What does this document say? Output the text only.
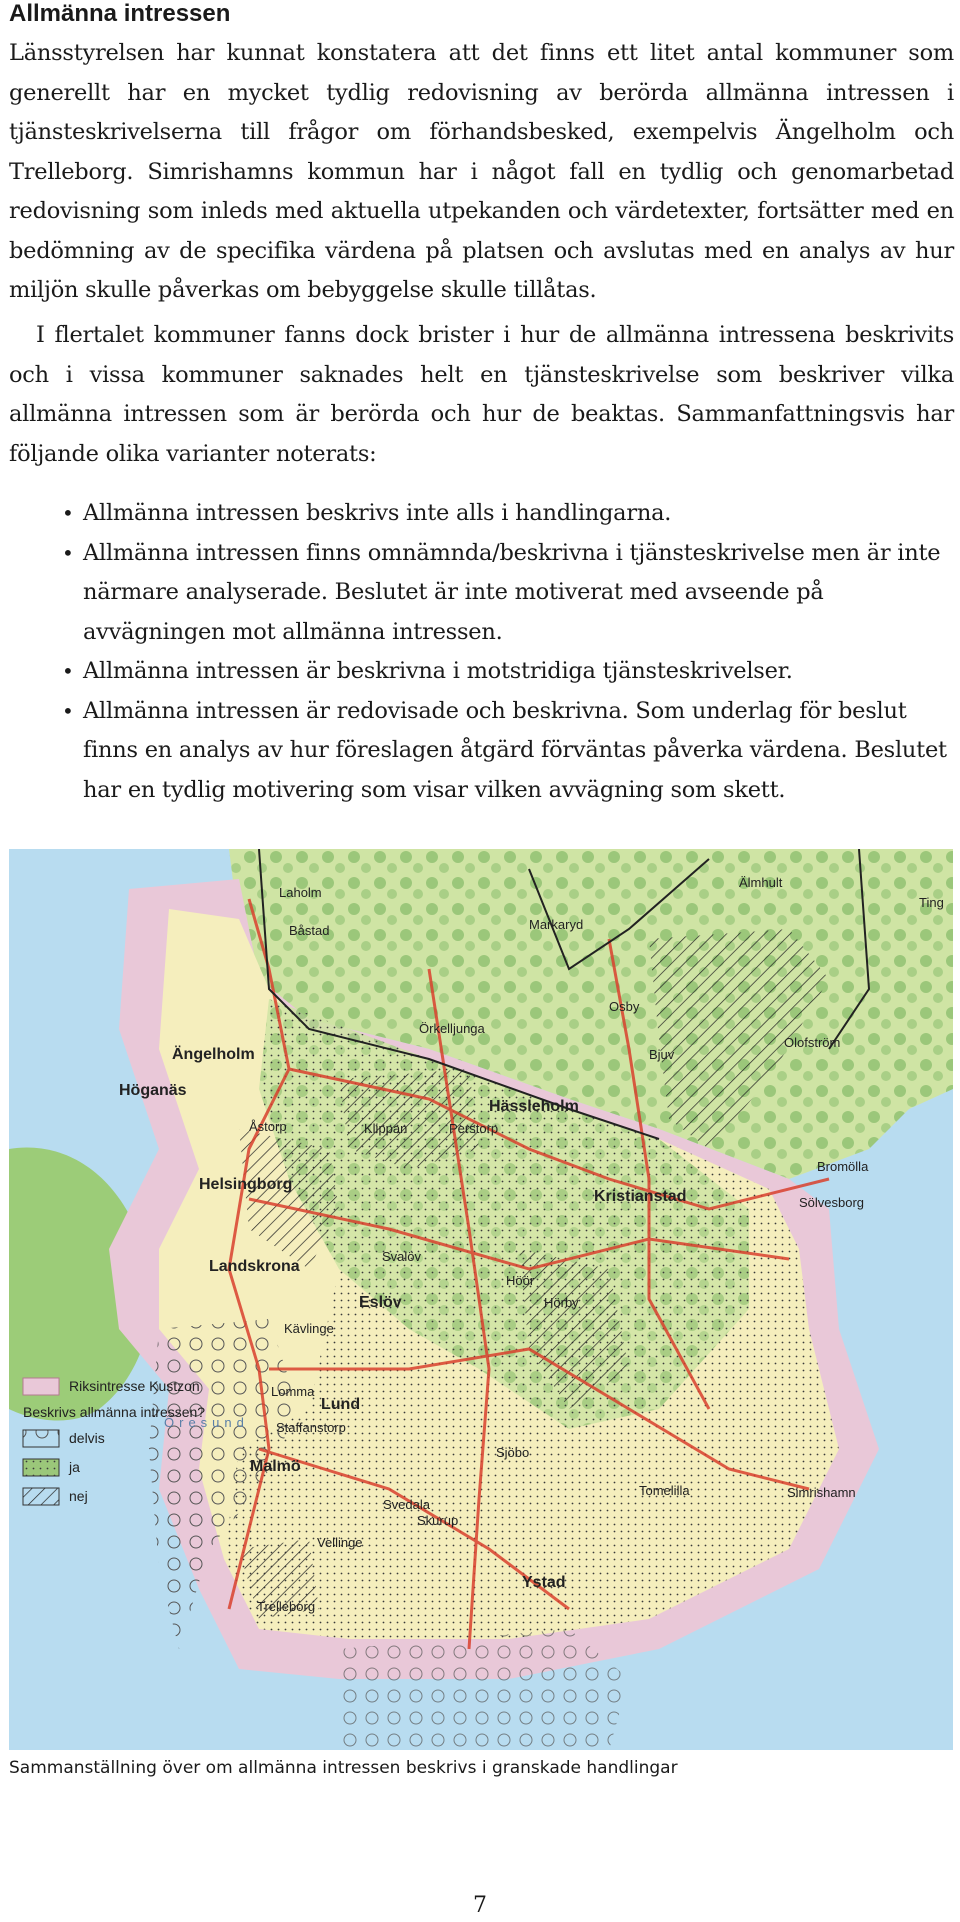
Allmänna intressen

Länsstyrelsen har kunnat konstatera att det finns ett litet antal kommuner som generellt har en mycket tydlig redovisning av berörda allmänna intressen i tjänsteskrivelserna till frågor om förhandsbesked, exempelvis Ängelholm och Trelleborg. Simrishamns kommun har i något fall en tydlig och genomarbetad redovisning som inleds med aktuella utpekanden och värdetexter, fortsätter med en bedömning av de specifika värdena på platsen och avslutas med en analys av hur miljön skulle påverkas om bebyggelse skulle tillåtas.

I flertalet kommuner fanns dock brister i hur de allmänna intressena beskrivits och i vissa kommuner saknades helt en tjänsteskrivelse som beskriver vilka allmänna intressen som är berörda och hur de beaktas. Sammanfattningsvis har följande olika varianter noterats:

• Allmänna intressen beskrivs inte alls i handlingarna.
• Allmänna intressen finns omnämnda/beskrivna i tjänsteskrivelse men är inte närmare analyserade. Beslutet är inte motiverat med avseende på avvägningen mot allmänna intressen.
• Allmänna intressen är beskrivna i motstridiga tjänsteskrivelser.
• Allmänna intressen är redovisade och beskrivna. Som underlag för beslut finns en analys av hur föreslagen åtgärd förväntas påverka värdena. Beslutet har en tydlig motivering som visar vilken avvägning som skett.
Laholm
Båstad	Markaryd
Älmhult
Ting
Osby
Örkelljunga
Ängelholm
Höganäs
Åstorp	Klippan	Perstorp
Hässleholm
Bjuv
Olofström
Helsingborg
Kristianstad
Bromölla
Sölvesborg
Svalöv
Höör
Landskrona
Eslöv	Hörby
Kävlinge
Lomma
Lund
Staffanstorp
Malmö
Sjöbo
Tomelilla	Simrishamn
Svedala
Skurup
Vellinge
Ystad
Trelleborg
Öresund
Riksintresse Kustzon
Beskrivs allmänna intressen?
delvis
ja
nej

Sammanställning över om allmänna intressen beskrivs i granskade handlingar

7
